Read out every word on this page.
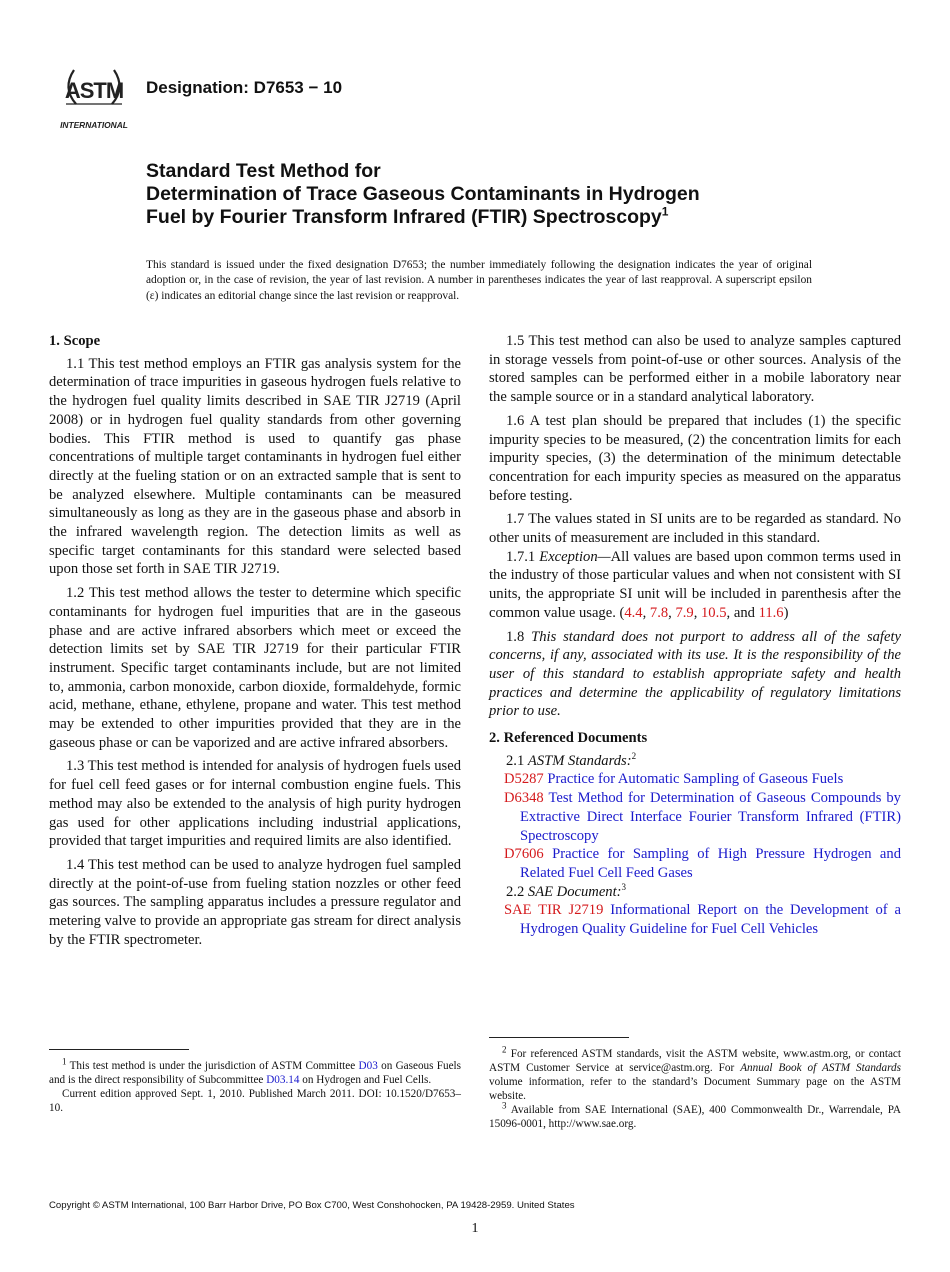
ASTM
INTERNATIONAL
Designation: D7653 − 10
Standard Test Method for
Determination of Trace Gaseous Contaminants in Hydrogen
Fuel by Fourier Transform Infrared (FTIR) Spectroscopy$^1$
This standard is issued under the fixed designation D7653; the number immediately following the designation indicates the year of original adoption or, in the case of revision, the year of last revision. A number in parentheses indicates the year of last reapproval. A superscript epsilon (ε) indicates an editorial change since the last revision or reapproval.
1. Scope

1.1 This test method employs an FTIR gas analysis system for the determination of trace impurities in gaseous hydrogen fuels relative to the hydrogen fuel quality limits described in SAE TIR J2719 (April 2008) or in hydrogen fuel quality standards from other governing bodies. This FTIR method is used to quantify gas phase concentrations of multiple target contaminants in hydrogen fuel either directly at the fueling station or on an extracted sample that is sent to be analyzed elsewhere. Multiple contaminants can be measured simultaneously as long as they are in the gaseous phase and absorb in the infrared wavelength region. The detection limits as well as specific target contaminants for this standard were selected based upon those set forth in SAE TIR J2719.

1.2 This test method allows the tester to determine which specific contaminants for hydrogen fuel impurities that are in the gaseous phase and are active infrared absorbers which meet or exceed the detection limits set by SAE TIR J2719 for their particular FTIR instrument. Specific target contaminants include, but are not limited to, ammonia, carbon monoxide, carbon dioxide, formaldehyde, formic acid, methane, ethane, ethylene, propane and water. This test method may be extended to other impurities provided that they are in the gaseous phase or can be vaporized and are active infrared absorbers.

1.3 This test method is intended for analysis of hydrogen fuels used for fuel cell feed gases or for internal combustion engine fuels. This method may also be extended to the analysis of high purity hydrogen gas used for other applications including industrial applications, provided that target impurities and required limits are also identified.

1.4 This test method can be used to analyze hydrogen fuel sampled directly at the point-of-use from fueling station nozzles or other feed gas sources. The sampling apparatus includes a pressure regulator and metering valve to provide an appropriate gas stream for direct analysis by the FTIR spectrometer.

1.5 This test method can also be used to analyze samples captured in storage vessels from point-of-use or other sources. Analysis of the stored samples can be performed either in a mobile laboratory near the sample source or in a standard analytical laboratory.

1.6 A test plan should be prepared that includes (1) the specific impurity species to be measured, (2) the concentration limits for each impurity species, (3) the determination of the minimum detectable concentration for each impurity species as measured on the apparatus before testing.

1.7 The values stated in SI units are to be regarded as standard. No other units of measurement are included in this standard.

1.7.1 Exception—All values are based upon common terms used in the industry of those particular values and when not consistent with SI units, the appropriate SI unit will be included in parenthesis after the common value usage. (4.4, 7.8, 7.9, 10.5, and 11.6)

1.8 This standard does not purport to address all of the safety concerns, if any, associated with its use. It is the responsibility of the user of this standard to establish appropriate safety and health practices and determine the applicability of regulatory limitations prior to use.

2. Referenced Documents

2.1 ASTM Standards:$^2$

D5287 Practice for Automatic Sampling of Gaseous Fuels

D6348 Test Method for Determination of Gaseous Compounds by Extractive Direct Interface Fourier Transform Infrared (FTIR) Spectroscopy

D7606 Practice for Sampling of High Pressure Hydrogen and Related Fuel Cell Feed Gases

2.2 SAE Document:$^3$

SAE TIR J2719 Informational Report on the Development of a Hydrogen Quality Guideline for Fuel Cell Vehicles

$^1$ This test method is under the jurisdiction of ASTM Committee D03 on Gaseous Fuels and is the direct responsibility of Subcommittee D03.14 on Hydrogen and Fuel Cells.

Current edition approved Sept. 1, 2010. Published March 2011. DOI: 10.1520/D7653–10.

$^2$ For referenced ASTM standards, visit the ASTM website, www.astm.org, or contact ASTM Customer Service at service@astm.org. For Annual Book of ASTM Standards volume information, refer to the standard’s Document Summary page on the ASTM website.

$^3$ Available from SAE International (SAE), 400 Commonwealth Dr., Warrendale, PA 15096-0001, http://www.sae.org.

Copyright © ASTM International, 100 Barr Harbor Drive, PO Box C700, West Conshohocken, PA 19428-2959. United States
1
